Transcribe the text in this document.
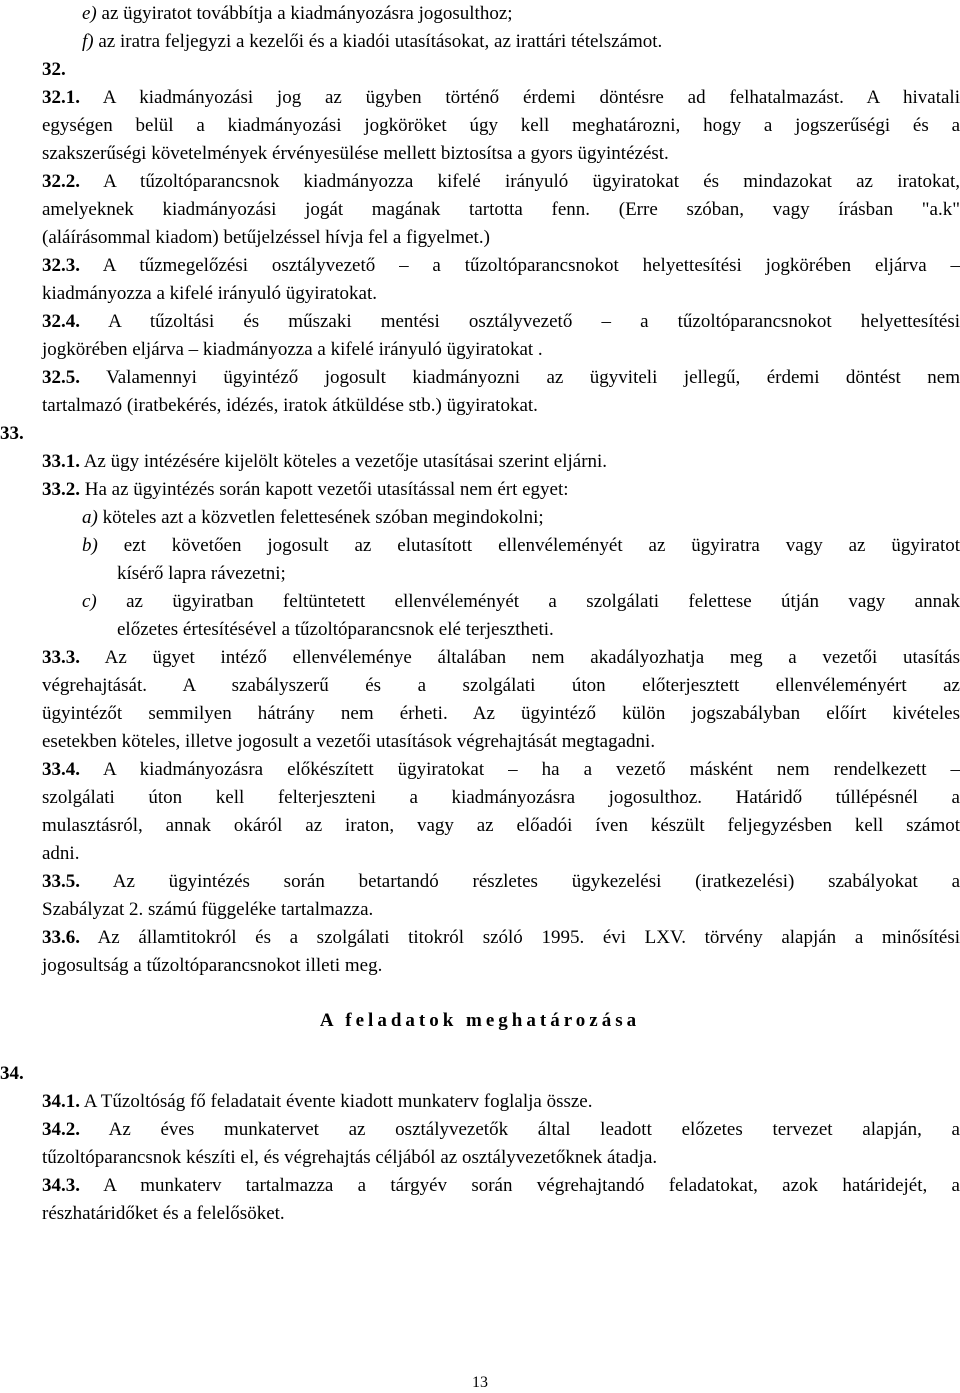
e) az ügyiratot továbbítja a kiadmányozásra jogosulthoz;
f) az iratra feljegyzi a kezelői és a kiadói utasításokat, az irattári tételszámot.
32.
32.1. A kiadmányozási jog az ügyben történő érdemi döntésre ad felhatalmazást. A hivatali
egységen belül a kiadmányozási jogköröket úgy kell meghatározni, hogy a jogszerűségi és a
szakszerűségi követelmények érvényesülése mellett biztosítsa a gyors ügyintézést.
32.2. A tűzoltóparancsnok kiadmányozza kifelé irányuló ügyiratokat és mindazokat az iratokat,
amelyeknek kiadmányozási jogát magának tartotta fenn. (Erre szóban, vagy írásban "a.k"
(aláírásommal kiadom) betűjelzéssel hívja fel a figyelmet.)
32.3. A tűzmegelőzési osztályvezető – a tűzoltóparancsnokot helyettesítési jogkörében eljárva –
kiadmányozza a kifelé irányuló ügyiratokat.
32.4. A tűzoltási és műszaki mentési osztályvezető – a tűzoltóparancsnokot helyettesítési
jogkörében eljárva – kiadmányozza a kifelé irányuló ügyiratokat .
32.5. Valamennyi ügyintéző jogosult kiadmányozni az ügyviteli jellegű, érdemi döntést nem
tartalmazó (iratbekérés, idézés, iratok átküldése stb.) ügyiratokat.
33.
33.1. Az ügy intézésére kijelölt köteles a vezetője utasításai szerint eljárni.
33.2. Ha az ügyintézés során kapott vezetői utasítással nem ért egyet:
a) köteles azt a közvetlen felettesének szóban megindokolni;
b) ezt követően jogosult az elutasított ellenvéleményét az ügyiratra vagy az ügyiratot
kísérő lapra rávezetni;
c) az ügyiratban feltüntetett ellenvéleményét a szolgálati felettese útján vagy annak
előzetes értesítésével a tűzoltóparancsnok elé terjesztheti.
33.3. Az ügyet intéző ellenvéleménye általában nem akadályozhatja meg a vezetői utasítás
végrehajtását. A szabályszerű és a szolgálati úton előterjesztett ellenvéleményért az
ügyintézőt semmilyen hátrány nem érheti. Az ügyintéző külön jogszabályban előírt kivételes
esetekben köteles, illetve jogosult a vezetői utasítások végrehajtását megtagadni.
33.4. A kiadmányozásra előkészített ügyiratokat – ha a vezető másként nem rendelkezett –
szolgálati úton kell felterjeszteni a kiadmányozásra jogosulthoz. Határidő túllépésnél a
mulasztásról, annak okáról az iraton, vagy az előadói íven készült feljegyzésben kell számot
adni.
33.5. Az ügyintézés során betartandó részletes ügykezelési (iratkezelési) szabályokat a
Szabályzat 2. számú függeléke tartalmazza.
33.6. Az államtitokról és a szolgálati titokról szóló 1995. évi LXV. törvény alapján a minősítési
jogosultság a tűzoltóparancsnokot illeti meg.
A feladatok meghatározása
34.
34.1. A Tűzoltóság fő feladatait évente kiadott munkaterv foglalja össze.
34.2. Az éves munkatervet az osztályvezetők által leadott előzetes tervezet alapján, a
tűzoltóparancsnok készíti el, és végrehajtás céljából az osztályvezetőknek átadja.
34.3. A munkaterv tartalmazza a tárgyév során végrehajtandó feladatokat, azok határidejét, a
részhatáridőket és a felelősöket.
13
